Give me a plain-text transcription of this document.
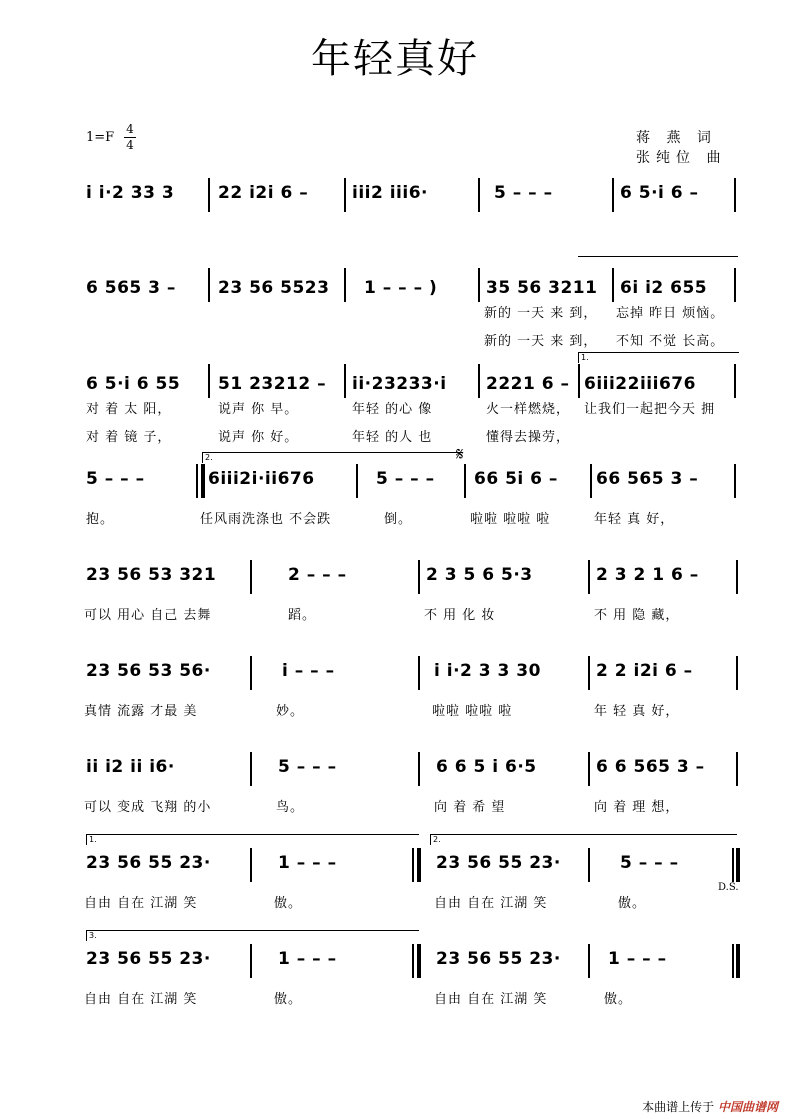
年轻真好
1=F
4
4	蒋 燕 词
张纯位 曲
i i·2 33 3	22 i2i 6 –	iii2 iii6·	5 – – –	6 5·i 6 –
6 565 3 – 23 56 5523 1 – – – )	35 56 3211 6i i2 655
新的 一天 来 到， 忘掉 昨日 烦恼。
新的 一天 来 到， 不知 不觉 长高。
1.
6 5·i 6 55 51 23212 – ii·23233·i 2221 6 – 6iii22iii676
对 着 太 阳，	说声 你 早。	年轻 的心 像	火一样燃烧， 让我们一起把今天 拥
对 着 镜 子，	说声 你 好。	年轻 的人 也	懂得去操劳，
2.	𝄋
5 – – –	6iii2i·ii676	5 – – – 66 5i 6 – 66 565 3 –
抱。	任风雨洗涤也 不会跌	倒。	啦啦 啦啦 啦	年轻 真 好，
23 56 53 321	2 – – –	2 3 5 6 5·3	2 3 2 1 6 –
可以 用心 自己 去舞	蹈。	不 用 化 妆	不 用 隐 藏，
23 56 53 56·	i – – –	i i·2 3 3 30	2 2 i2i 6 –
真情 流露 才最 美	妙。	啦啦 啦啦 啦	年 轻 真 好，
ii i2 ii i6·	5 – – –	6 6 5 i 6·5	6 6 565 3 –
可以 变成 飞翔 的小	鸟。	向 着 希 望	向 着 理 想，
1.	2.
23 56 55 23·	1 – – –	23 56 55 23·	5 – – –
D.S.
自由 自在 江湖 笑	傲。	自由 自在 江湖 笑	傲。
3.
23 56 55 23·	1 – – –	23 56 55 23·	1 – – –
自由 自在 江湖 笑	傲。	自由 自在 江湖 笑	傲。
本曲谱上传于 中国曲谱网
